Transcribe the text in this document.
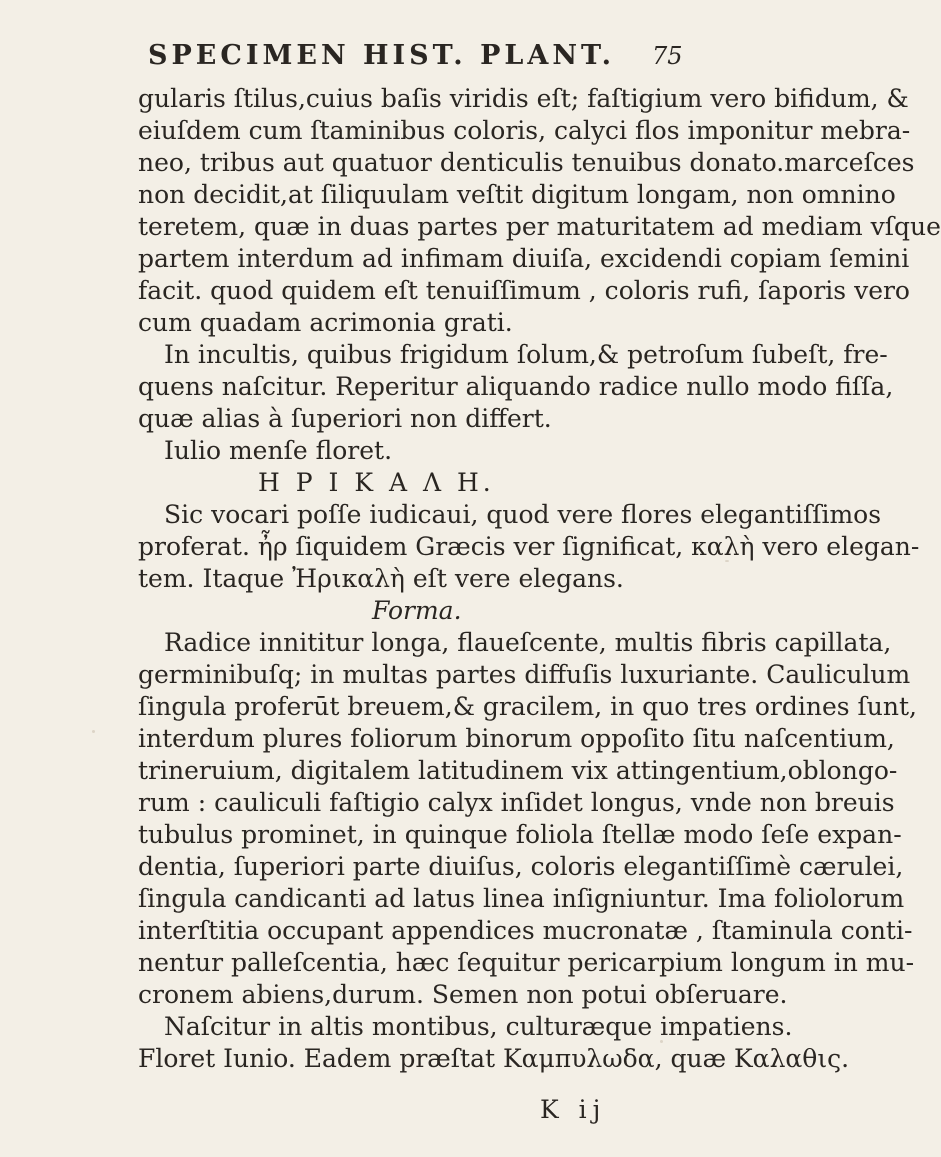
SPECIMEN HIST. PLANT. 75
gularis ſtilus,cuius baſis viridis eſt; faſtigium vero bifidum, &
eiuſdem cum ſtaminibus coloris, calyci flos imponitur mebra-
neo, tribus aut quatuor denticulis tenuibus donato.marceſces
non decidit,at ſiliquulam veſtit digitum longam, non omnino
teretem, quæ in duas partes per maturitatem ad mediam vſque
partem interdum ad infimam diuiſa, excidendi copiam ſemini
facit. quod quidem eſt tenuiſſimum , coloris rufi, ſaporis vero
cum quadam acrimonia grati.
In incultis, quibus frigidum ſolum,& petroſum ſubeſt, fre-
quens naſcitur. Reperitur aliquando radice nullo modo fiſſa,
quæ alias à ſuperiori non differt.
Iulio menſe floret.
Η Ρ Ι Κ Α Λ Η.
Sic vocari poſſe iudicaui, quod vere flores elegantiſſimos
proferat. ἦρ ſiquidem Græcis ver ſignificat, καλὴ vero elegan-
tem. Itaque Ἠρικαλὴ eſt vere elegans.
Forma.
Radice innititur longa, flaueſcente, multis fibris capillata,
germinibuſq; in multas partes diffuſis luxuriante. Cauliculum
ſingula proferūt breuem,& gracilem, in quo tres ordines ſunt,
interdum plures foliorum binorum oppoſito ſitu naſcentium,
trineruium, digitalem latitudinem vix attingentium,oblongo-
rum : cauliculi faſtigio calyx inſidet longus, vnde non breuis
tubulus prominet, in quinque foliola ſtellæ modo ſeſe expan-
dentia, ſuperiori parte diuiſus, coloris elegantiſſimè cærulei,
ſingula candicanti ad latus linea inſigniuntur. Ima foliolorum
interſtitia occupant appendices mucronatæ , ſtaminula conti-
nentur palleſcentia, hæc ſequitur pericarpium longum in mu-
cronem abiens,durum. Semen non potui obſeruare.
Naſcitur in altis montibus, culturæque impatiens.
Floret Iunio. Eadem præſtat Καμπυλωδα, quæ Καλαθις.
K ij
